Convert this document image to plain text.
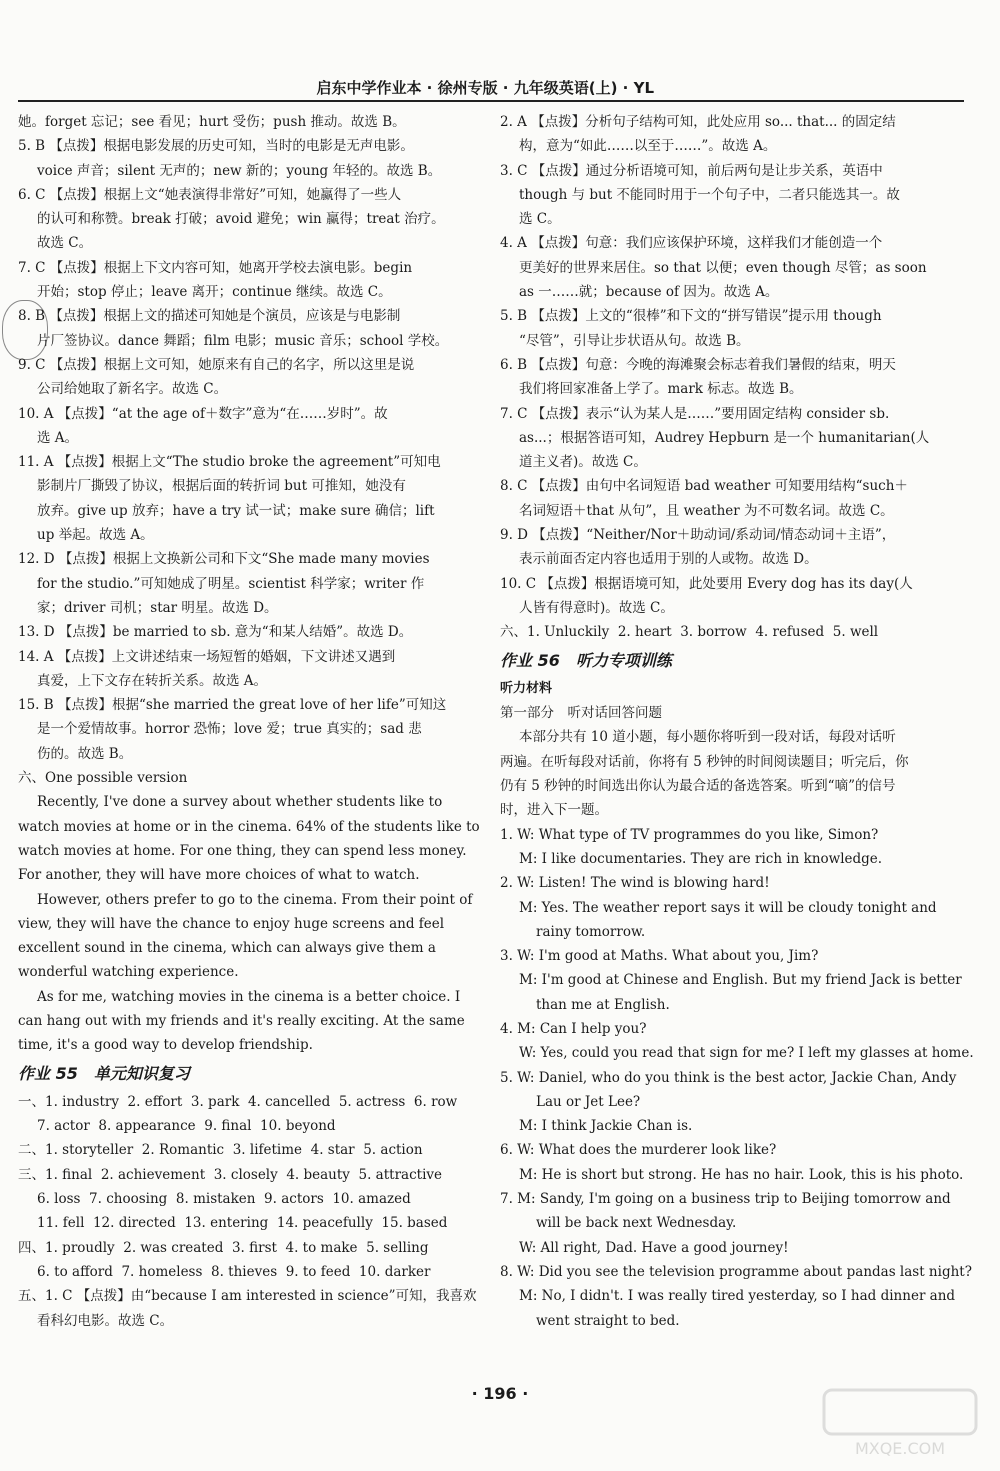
启东中学作业本 · 徐州专版 · 九年级英语(上) · YL
她。forget 忘记；see 看见；hurt 受伤；push 推动。故选 B。
5. B 【点拨】根据电影发展的历史可知，当时的电影是无声电影。
voice 声音；silent 无声的；new 新的；young 年轻的。故选 B。
6. C 【点拨】根据上文“她表演得非常好”可知，她赢得了一些人
的认可和称赞。break 打破；avoid 避免；win 赢得；treat 治疗。
故选 C。
7. C 【点拨】根据上下文内容可知，她离开学校去演电影。begin
开始；stop 停止；leave 离开；continue 继续。故选 C。
8. B 【点拨】根据上文的描述可知她是个演员，应该是与电影制
片厂签协议。dance 舞蹈；film 电影；music 音乐；school 学校。
9. C 【点拨】根据上文可知，她原来有自己的名字，所以这里是说
公司给她取了新名字。故选 C。
10. A 【点拨】“at the age of＋数字”意为“在……岁时”。故
选 A。
11. A 【点拨】根据上文“The studio broke the agreement”可知电
影制片厂撕毁了协议，根据后面的转折词 but 可推知，她没有
放弃。give up 放弃；have a try 试一试；make sure 确信；lift
up 举起。故选 A。
12. D 【点拨】根据上文换新公司和下文“She made many movies
for the studio.”可知她成了明星。scientist 科学家；writer 作
家；driver 司机；star 明星。故选 D。
13. D 【点拨】be married to sb. 意为“和某人结婚”。故选 D。
14. A 【点拨】上文讲述结束一场短暂的婚姻，下文讲述又遇到
真爱，上下文存在转折关系。故选 A。
15. B 【点拨】根据“she married the great love of her life”可知这
是一个爱情故事。horror 恐怖；love 爱；true 真实的；sad 悲
伤的。故选 B。
六、One possible version
Recently, I've done a survey about whether students like to
watch movies at home or in the cinema. 64% of the students like to
watch movies at home. For one thing, they can spend less money.
For another, they will have more choices of what to watch.
However, others prefer to go to the cinema. From their point of
view, they will have the chance to enjoy huge screens and feel
excellent sound in the cinema, which can always give them a
wonderful watching experience.
As for me, watching movies in the cinema is a better choice. I
can hang out with my friends and it's really exciting. At the same
time, it's a good way to develop friendship.
作业 55　单元知识复习
一、1. industry  2. effort  3. park  4. cancelled  5. actress  6. row
7. actor  8. appearance  9. final  10. beyond
二、1. storyteller  2. Romantic  3. lifetime  4. star  5. action
三、1. final  2. achievement  3. closely  4. beauty  5. attractive
6. loss  7. choosing  8. mistaken  9. actors  10. amazed
11. fell  12. directed  13. entering  14. peacefully  15. based
四、1. proudly  2. was created  3. first  4. to make  5. selling
6. to afford  7. homeless  8. thieves  9. to feed  10. darker
五、1. C 【点拨】由“because I am interested in science”可知，我喜欢
看科幻电影。故选 C。
2. A 【点拨】分析句子结构可知，此处应用 so... that... 的固定结
构，意为“如此……以至于……”。故选 A。
3. C 【点拨】通过分析语境可知，前后两句是让步关系，英语中
though 与 but 不能同时用于一个句子中，二者只能选其一。故
选 C。
4. A 【点拨】句意：我们应该保护环境，这样我们才能创造一个
更美好的世界来居住。so that 以便；even though 尽管；as soon
as 一……就；because of 因为。故选 A。
5. B 【点拨】上文的“很棒”和下文的“拼写错误”提示用 though
“尽管”，引导让步状语从句。故选 B。
6. B 【点拨】句意：今晚的海滩聚会标志着我们暑假的结束，明天
我们将回家准备上学了。mark 标志。故选 B。
7. C 【点拨】表示“认为某人是……”要用固定结构 consider sb.
as...；根据答语可知，Audrey Hepburn 是一个 humanitarian(人
道主义者)。故选 C。
8. C 【点拨】由句中名词短语 bad weather 可知要用结构“such＋
名词短语＋that 从句”，且 weather 为不可数名词。故选 C。
9. D 【点拨】“Neither/Nor＋助动词/系动词/情态动词＋主语”，
表示前面否定内容也适用于别的人或物。故选 D。
10. C 【点拨】根据语境可知，此处要用 Every dog has its day(人
人皆有得意时)。故选 C。
六、1. Unluckily  2. heart  3. borrow  4. refused  5. well
作业 56　听力专项训练
听力材料
第一部分　听对话回答问题
本部分共有 10 道小题，每小题你将听到一段对话，每段对话听
两遍。在听每段对话前，你将有 5 秒钟的时间阅读题目；听完后，你
仍有 5 秒钟的时间选出你认为最合适的备选答案。听到“嘀”的信号
时，进入下一题。
1. W: What type of TV programmes do you like, Simon?
M: I like documentaries. They are rich in knowledge.
2. W: Listen! The wind is blowing hard!
M: Yes. The weather report says it will be cloudy tonight and
rainy tomorrow.
3. W: I'm good at Maths. What about you, Jim?
M: I'm good at Chinese and English. But my friend Jack is better
than me at English.
4. M: Can I help you?
W: Yes, could you read that sign for me? I left my glasses at home.
5. W: Daniel, who do you think is the best actor, Jackie Chan, Andy
Lau or Jet Lee?
M: I think Jackie Chan is.
6. W: What does the murderer look like?
M: He is short but strong. He has no hair. Look, this is his photo.
7. M: Sandy, I'm going on a business trip to Beijing tomorrow and
will be back next Wednesday.
W: All right, Dad. Have a good journey!
8. W: Did you see the television programme about pandas last night?
M: No, I didn't. I was really tired yesterday, so I had dinner and
went straight to bed.
· 196 ·
MXQE.COM
